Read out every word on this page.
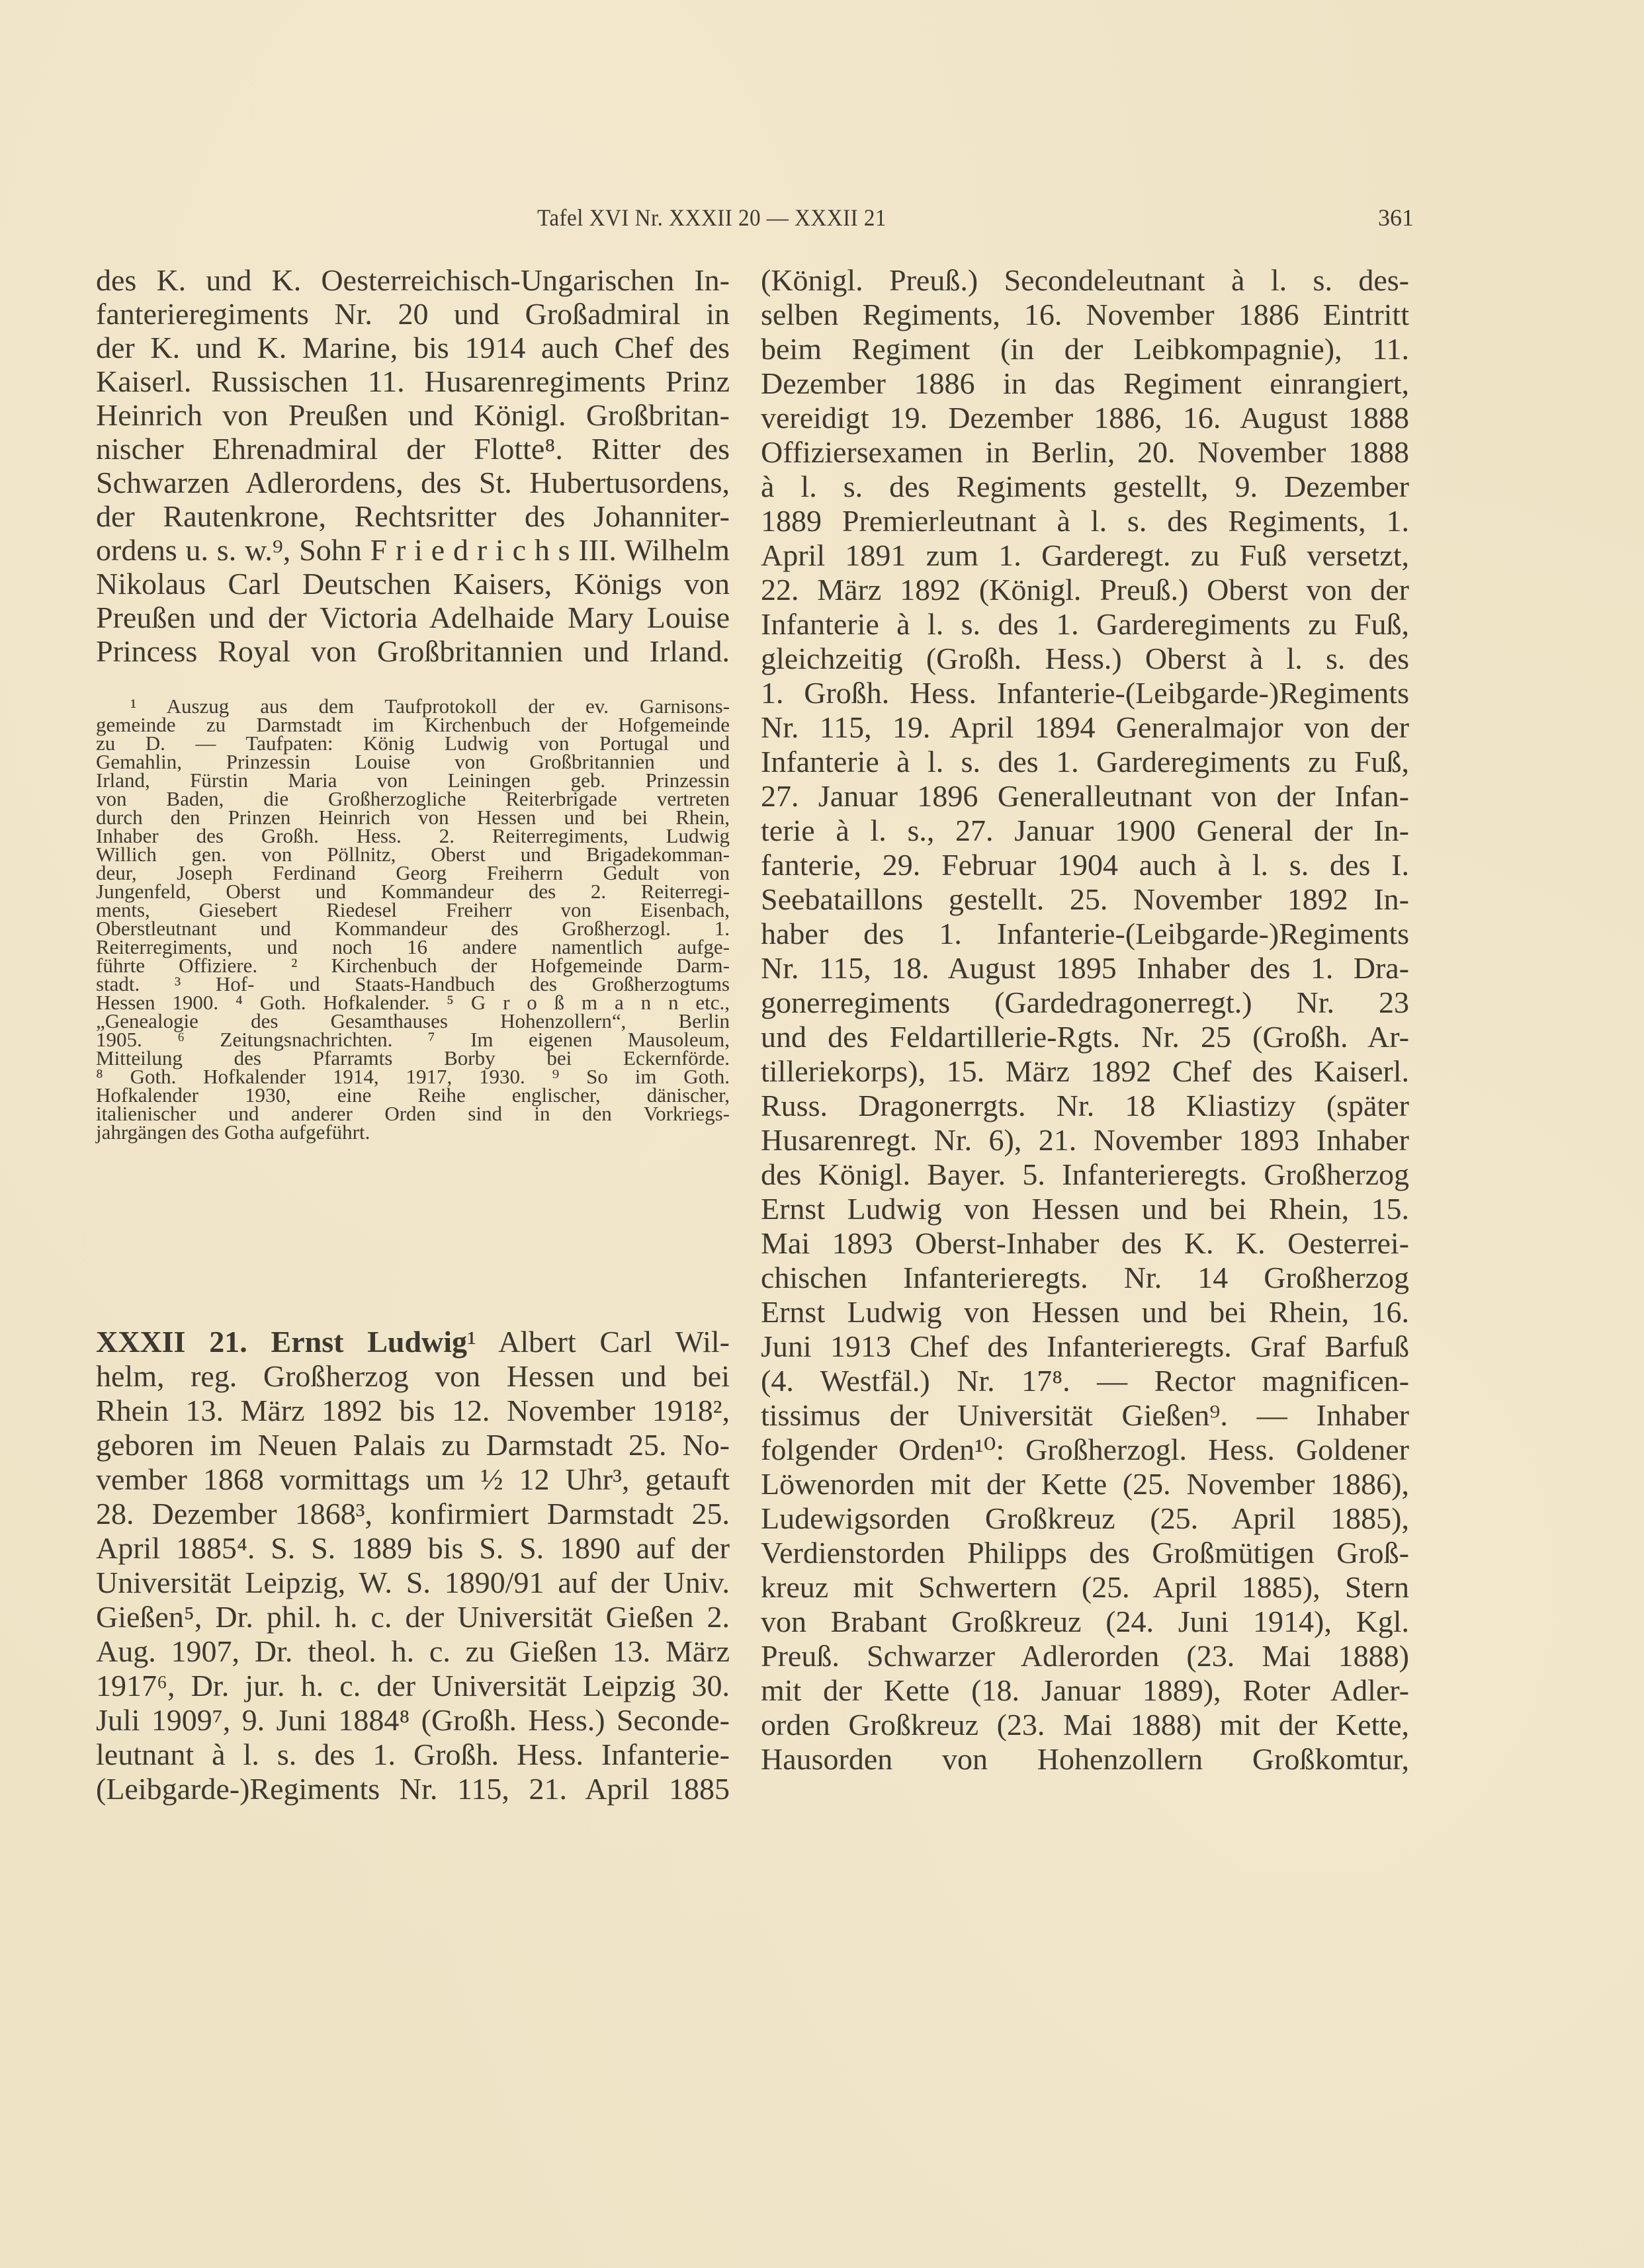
Tafel XVI Nr. XXXII 20 — XXXII 21	361
des K. und K. Oesterreichisch-Ungarischen In-
fanterieregiments Nr. 20 und Großadmiral in
der K. und K. Marine, bis 1914 auch Chef des
Kaiserl. Russischen 11. Husarenregiments Prinz
Heinrich von Preußen und Königl. Großbritan-
nischer Ehrenadmiral der Flotte⁸. Ritter des
Schwarzen Adlerordens, des St. Hubertusordens,
der Rautenkrone, Rechtsritter des Johanniter-
ordens u. s. w.⁹, Sohn F r i e d r i c h s III. Wilhelm
Nikolaus Carl Deutschen Kaisers, Königs von
Preußen und der Victoria Adelhaide Mary Louise
Princess Royal von Großbritannien und Irland.
¹ Auszug aus dem Taufprotokoll der ev. Garnisons-
gemeinde zu Darmstadt im Kirchenbuch der Hofgemeinde
zu D. — Taufpaten: König Ludwig von Portugal und
Gemahlin, Prinzessin Louise von Großbritannien und
Irland, Fürstin Maria von Leiningen geb. Prinzessin
von Baden, die Großherzogliche Reiterbrigade vertreten
durch den Prinzen Heinrich von Hessen und bei Rhein,
Inhaber des Großh. Hess. 2. Reiterregiments, Ludwig
Willich gen. von Pöllnitz, Oberst und Brigadekomman-
deur, Joseph Ferdinand Georg Freiherrn Gedult von
Jungenfeld, Oberst und Kommandeur des 2. Reiterregi-
ments, Giesebert Riedesel Freiherr von Eisenbach,
Oberstleutnant und Kommandeur des Großherzogl. 1.
Reiterregiments, und noch 16 andere namentlich aufge-
führte Offiziere. ² Kirchenbuch der Hofgemeinde Darm-
stadt. ³ Hof- und Staats-Handbuch des Großherzogtums
Hessen 1900. ⁴ Goth. Hofkalender. ⁵ G r o ß m a n n etc.,
„Genealogie des Gesamthauses Hohenzollern“, Berlin
1905. ⁶ Zeitungsnachrichten. ⁷ Im eigenen Mausoleum,
Mitteilung des Pfarramts Borby bei Eckernförde.
⁸ Goth. Hofkalender 1914, 1917, 1930. ⁹ So im Goth.
Hofkalender 1930, eine Reihe englischer, dänischer,
italienischer und anderer Orden sind in den Vorkriegs-
jahrgängen des Gotha aufgeführt.
XXXII 21. Ernst Ludwig¹ Albert Carl Wil-
helm, reg. Großherzog von Hessen und bei
Rhein 13. März 1892 bis 12. November 1918²,
geboren im Neuen Palais zu Darmstadt 25. No-
vember 1868 vormittags um ½ 12 Uhr³, getauft
28. Dezember 1868³, konfirmiert Darmstadt 25.
April 1885⁴. S. S. 1889 bis S. S. 1890 auf der
Universität Leipzig, W. S. 1890/91 auf der Univ.
Gießen⁵, Dr. phil. h. c. der Universität Gießen 2.
Aug. 1907, Dr. theol. h. c. zu Gießen 13. März
1917⁶, Dr. jur. h. c. der Universität Leipzig 30.
Juli 1909⁷, 9. Juni 1884⁸ (Großh. Hess.) Seconde-
leutnant à l. s. des 1. Großh. Hess. Infanterie-
(Leibgarde-)Regiments Nr. 115, 21. April 1885
(Königl. Preuß.) Secondeleutnant à l. s. des-
selben Regiments, 16. November 1886 Eintritt
beim Regiment (in der Leibkompagnie), 11.
Dezember 1886 in das Regiment einrangiert,
vereidigt 19. Dezember 1886, 16. August 1888
Offiziersexamen in Berlin, 20. November 1888
à l. s. des Regiments gestellt, 9. Dezember
1889 Premierleutnant à l. s. des Regiments, 1.
April 1891 zum 1. Garderegt. zu Fuß versetzt,
22. März 1892 (Königl. Preuß.) Oberst von der
Infanterie à l. s. des 1. Garderegiments zu Fuß,
gleichzeitig (Großh. Hess.) Oberst à l. s. des
1. Großh. Hess. Infanterie-(Leibgarde-)Regiments
Nr. 115, 19. April 1894 Generalmajor von der
Infanterie à l. s. des 1. Garderegiments zu Fuß,
27. Januar 1896 Generalleutnant von der Infan-
terie à l. s., 27. Januar 1900 General der In-
fanterie, 29. Februar 1904 auch à l. s. des I.
Seebataillons gestellt. 25. November 1892 In-
haber des 1. Infanterie-(Leibgarde-)Regiments
Nr. 115, 18. August 1895 Inhaber des 1. Dra-
gonerregiments (Gardedragonerregt.) Nr. 23
und des Feldartillerie-Rgts. Nr. 25 (Großh. Ar-
tilleriekorps), 15. März 1892 Chef des Kaiserl.
Russ. Dragonerrgts. Nr. 18 Kliastizy (später
Husarenregt. Nr. 6), 21. November 1893 Inhaber
des Königl. Bayer. 5. Infanterieregts. Großherzog
Ernst Ludwig von Hessen und bei Rhein, 15.
Mai 1893 Oberst-Inhaber des K. K. Oesterrei-
chischen Infanterieregts. Nr. 14 Großherzog
Ernst Ludwig von Hessen und bei Rhein, 16.
Juni 1913 Chef des Infanterieregts. Graf Barfuß
(4. Westfäl.) Nr. 17⁸. — Rector magnificen-
tissimus der Universität Gießen⁹. — Inhaber
folgender Orden¹⁰: Großherzogl. Hess. Goldener
Löwenorden mit der Kette (25. November 1886),
Ludewigsorden Großkreuz (25. April 1885),
Verdienstorden Philipps des Großmütigen Groß-
kreuz mit Schwertern (25. April 1885), Stern
von Brabant Großkreuz (24. Juni 1914), Kgl.
Preuß. Schwarzer Adlerorden (23. Mai 1888)
mit der Kette (18. Januar 1889), Roter Adler-
orden Großkreuz (23. Mai 1888) mit der Kette,
Hausorden von Hohenzollern Großkomtur,
